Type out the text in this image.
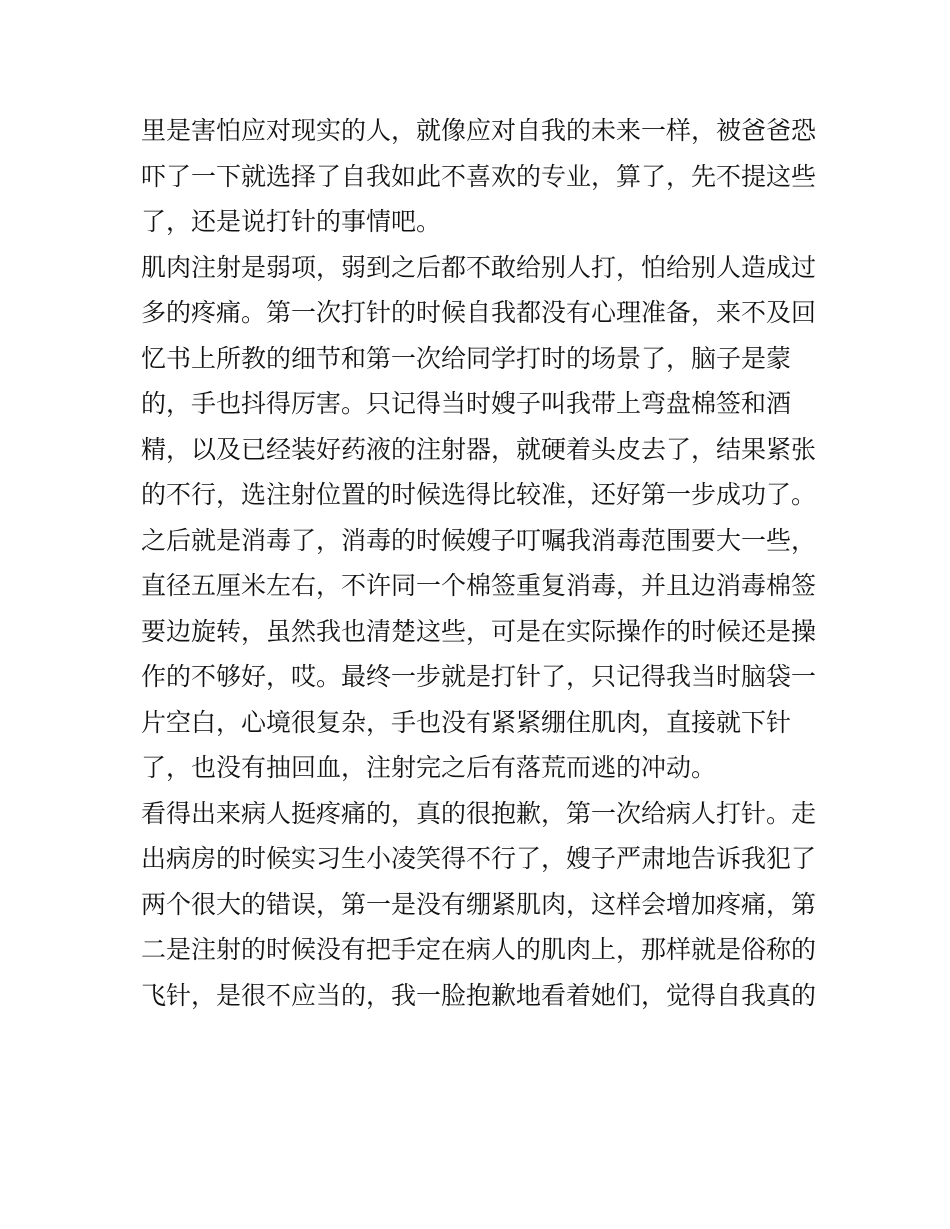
里是害怕应对现实的人，就像应对自我的未来一样，被爸爸恐
吓了一下就选择了自我如此不喜欢的专业，算了，先不提这些
了，还是说打针的事情吧。
肌肉注射是弱项，弱到之后都不敢给别人打，怕给别人造成过
多的疼痛。第一次打针的时候自我都没有心理准备，来不及回
忆书上所教的细节和第一次给同学打时的场景了，脑子是蒙
的，手也抖得厉害。只记得当时嫂子叫我带上弯盘棉签和酒
精，以及已经装好药液的注射器，就硬着头皮去了，结果紧张
的不行，选注射位置的时候选得比较准，还好第一步成功了。
之后就是消毒了，消毒的时候嫂子叮嘱我消毒范围要大一些，
直径五厘米左右，不许同一个棉签重复消毒，并且边消毒棉签
要边旋转，虽然我也清楚这些，可是在实际操作的时候还是操
作的不够好，哎。最终一步就是打针了，只记得我当时脑袋一
片空白，心境很复杂，手也没有紧紧绷住肌肉，直接就下针
了，也没有抽回血，注射完之后有落荒而逃的冲动。
看得出来病人挺疼痛的，真的很抱歉，第一次给病人打针。走
出病房的时候实习生小凌笑得不行了，嫂子严肃地告诉我犯了
两个很大的错误，第一是没有绷紧肌肉，这样会增加疼痛，第
二是注射的时候没有把手定在病人的肌肉上，那样就是俗称的
飞针，是很不应当的，我一脸抱歉地看着她们，觉得自我真的
